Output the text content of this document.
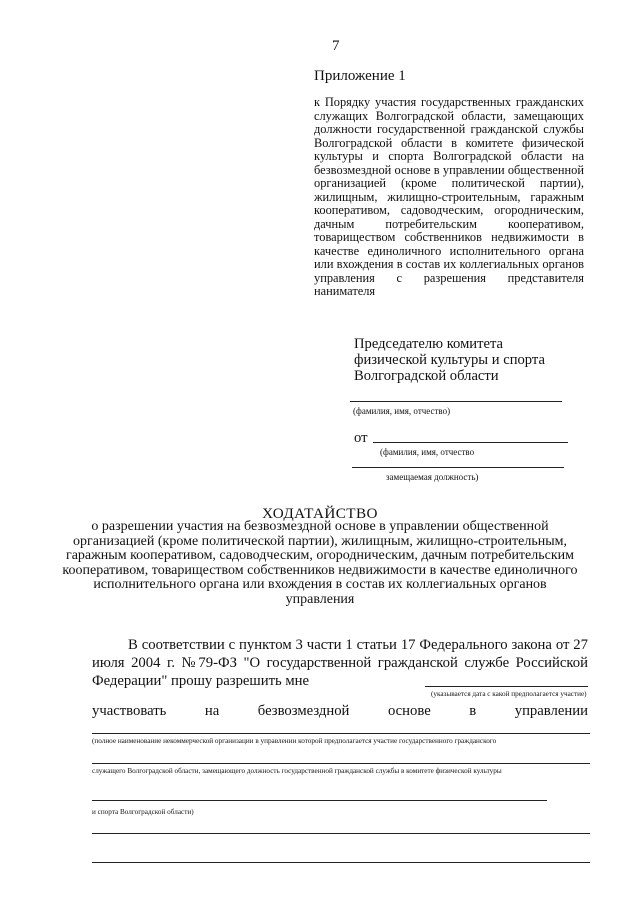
7
Приложение 1
к Порядку участия государственных гражданских служащих Волгоградской области, замещающих должности государственной гражданской службы Волгоградской области в комитете физической культуры и спорта Волгоградской области на безвозмездной основе в управлении общественной организацией (кроме политической партии), жилищным, жилищно-строительным, гаражным кооперативом, садоводческим, огородническим, дачным потребительским кооперативом, товариществом собственников недвижимости в качестве единоличного исполнительного органа или вхождения в состав их коллегиальных органов управления с разрешения представителя нанимателя
Председателю комитета
физической культуры и спорта
Волгоградской области
(фамилия, имя, отчество)
от
(фамилия, имя, отчество
замещаемая должность)
ХОДАТАЙСТВО
о разрешении участия на безвозмездной основе в управлении общественной организацией (кроме политической партии), жилищным, жилищно-строительным, гаражным кооперативом, садоводческим, огородническим, дачным потребительским кооперативом, товариществом собственников недвижимости в качестве единоличного исполнительного органа или вхождения в состав их коллегиальных органов управления
В соответствии с пунктом 3 части 1 статьи 17 Федерального закона от 27 июля 2004 г. №79-ФЗ "О государственной гражданской службе Российской Федерации" прошу разрешить мне
(указывается дата с какой предполагается участие)
участвовать	на	безвозмездной	основе	в	управлении
(полное наименование некоммерческой организации в управлении которой предполагается участие государственного гражданского
служащего Волгоградской области, замещающего должность государственной гражданской службы в комитете физической культуры
и спорта Волгоградской области)
